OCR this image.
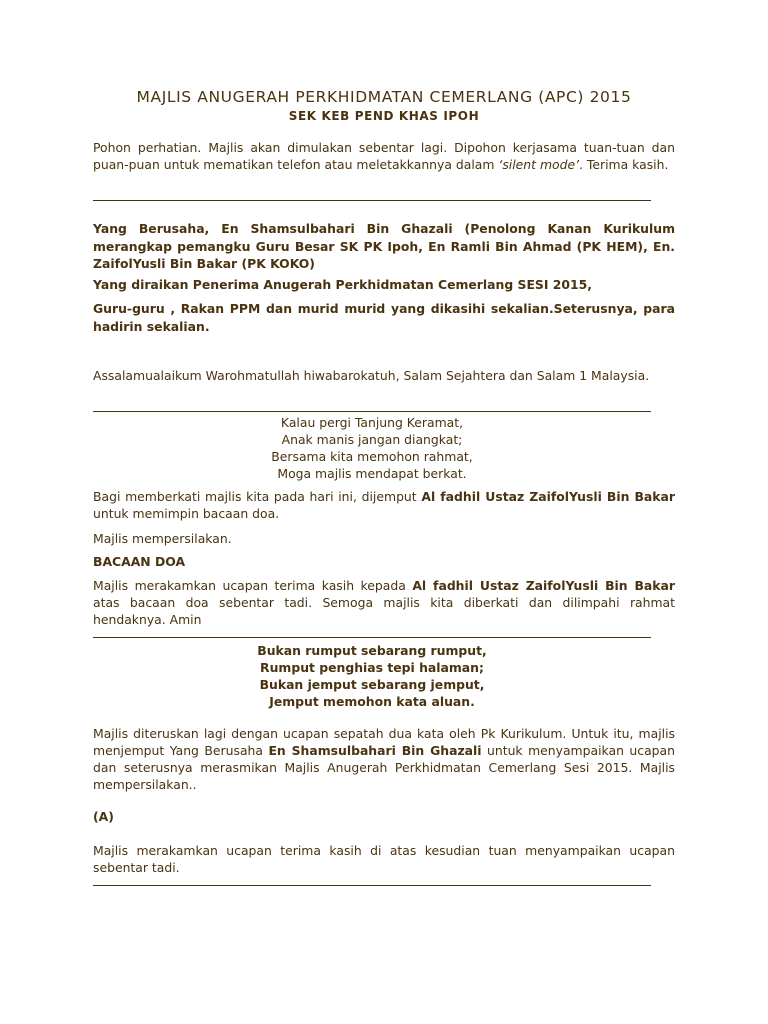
MAJLIS ANUGERAH PERKHIDMATAN CEMERLANG (APC) 2015
SEK KEB PEND KHAS IPOH
Pohon perhatian. Majlis akan dimulakan sebentar lagi. Dipohon kerjasama tuan-tuan dan puan-puan untuk mematikan telefon atau meletakkannya dalam ‘silent mode’. Terima kasih.
Yang Berusaha, En Shamsulbahari Bin Ghazali (Penolong Kanan Kurikulum merangkap pemangku Guru Besar SK PK Ipoh, En Ramli Bin Ahmad (PK HEM), En. ZaifolYusli Bin Bakar (PK KOKO)
Yang diraikan Penerima Anugerah Perkhidmatan Cemerlang SESI 2015,
Guru-guru , Rakan PPM dan murid murid yang dikasihi sekalian.Seterusnya, para hadirin sekalian.
Assalamualaikum Warohmatullah hiwabarokatuh, Salam Sejahtera dan Salam 1 Malaysia.
Kalau pergi Tanjung Keramat,
Anak manis jangan diangkat;
Bersama kita memohon rahmat,
Moga majlis mendapat berkat.
Bagi memberkati majlis kita pada hari ini, dijemput Al fadhil Ustaz ZaifolYusli Bin Bakar untuk memimpin bacaan doa.
Majlis mempersilakan.
BACAAN DOA
Majlis merakamkan ucapan terima kasih kepada Al fadhil Ustaz ZaifolYusli Bin Bakar atas bacaan doa sebentar tadi. Semoga majlis kita diberkati dan dilimpahi rahmat hendaknya. Amin
Bukan rumput sebarang rumput,
Rumput penghias tepi halaman;
Bukan jemput sebarang jemput,
Jemput memohon kata aluan.
Majlis diteruskan lagi dengan ucapan sepatah dua kata oleh Pk Kurikulum. Untuk itu, majlis menjemput Yang Berusaha En Shamsulbahari Bin Ghazali untuk menyampaikan ucapan dan seterusnya merasmikan Majlis Anugerah Perkhidmatan Cemerlang Sesi 2015. Majlis mempersilakan..
(A)
Majlis merakamkan ucapan terima kasih di atas kesudian tuan menyampaikan ucapan sebentar tadi.
